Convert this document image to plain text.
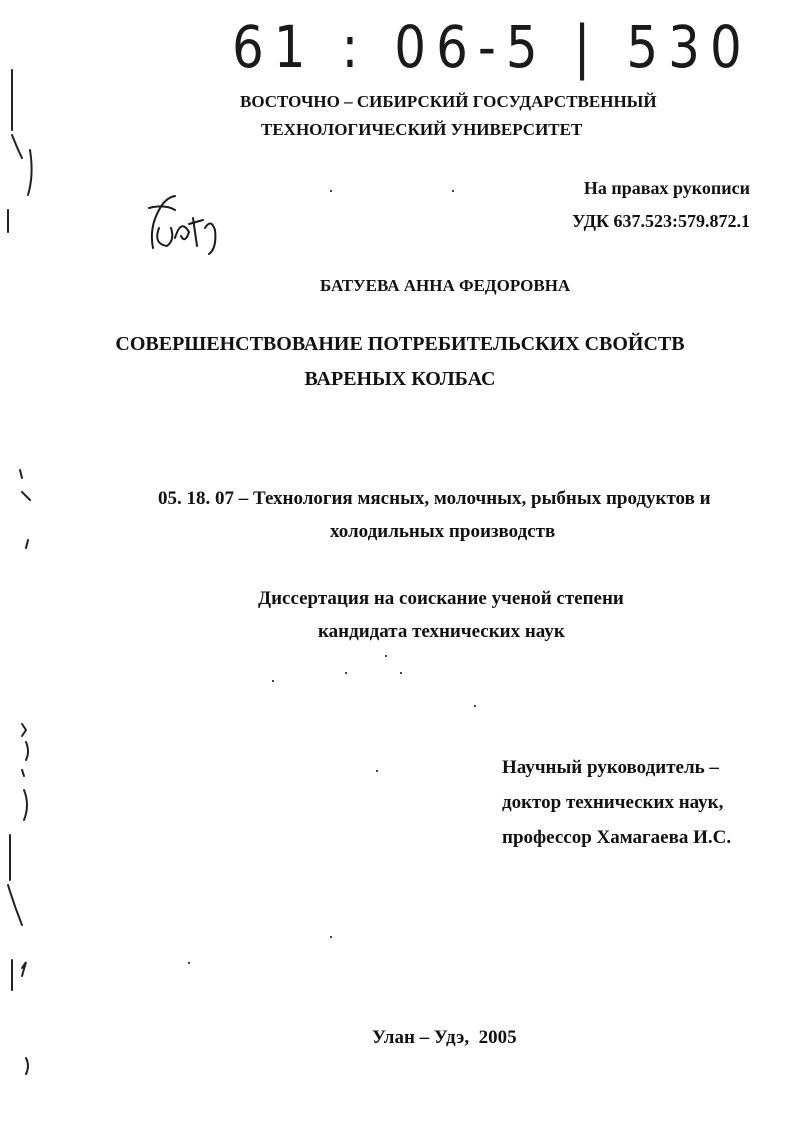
61 : 06-5 | 530
ВОСТОЧНО – СИБИРСКИЙ ГОСУДАРСТВЕННЫЙ
ТЕХНОЛОГИЧЕСКИЙ УНИВЕРСИТЕТ
На правах рукописи
УДК 637.523:579.872.1
БАТУЕВА АННА ФЕДОРОВНА
СОВЕРШЕНСТВОВАНИЕ ПОТРЕБИТЕЛЬСКИХ СВОЙСТВ
ВАРЕНЫХ КОЛБАС
05. 18. 07 – Технология мясных, молочных, рыбных продуктов и
холодильных производств
Диссертация на соискание ученой степени
кандидата технических наук
Научный руководитель –
доктор технических наук,
профессор Хамагаева И.С.
Улан – Удэ,  2005
